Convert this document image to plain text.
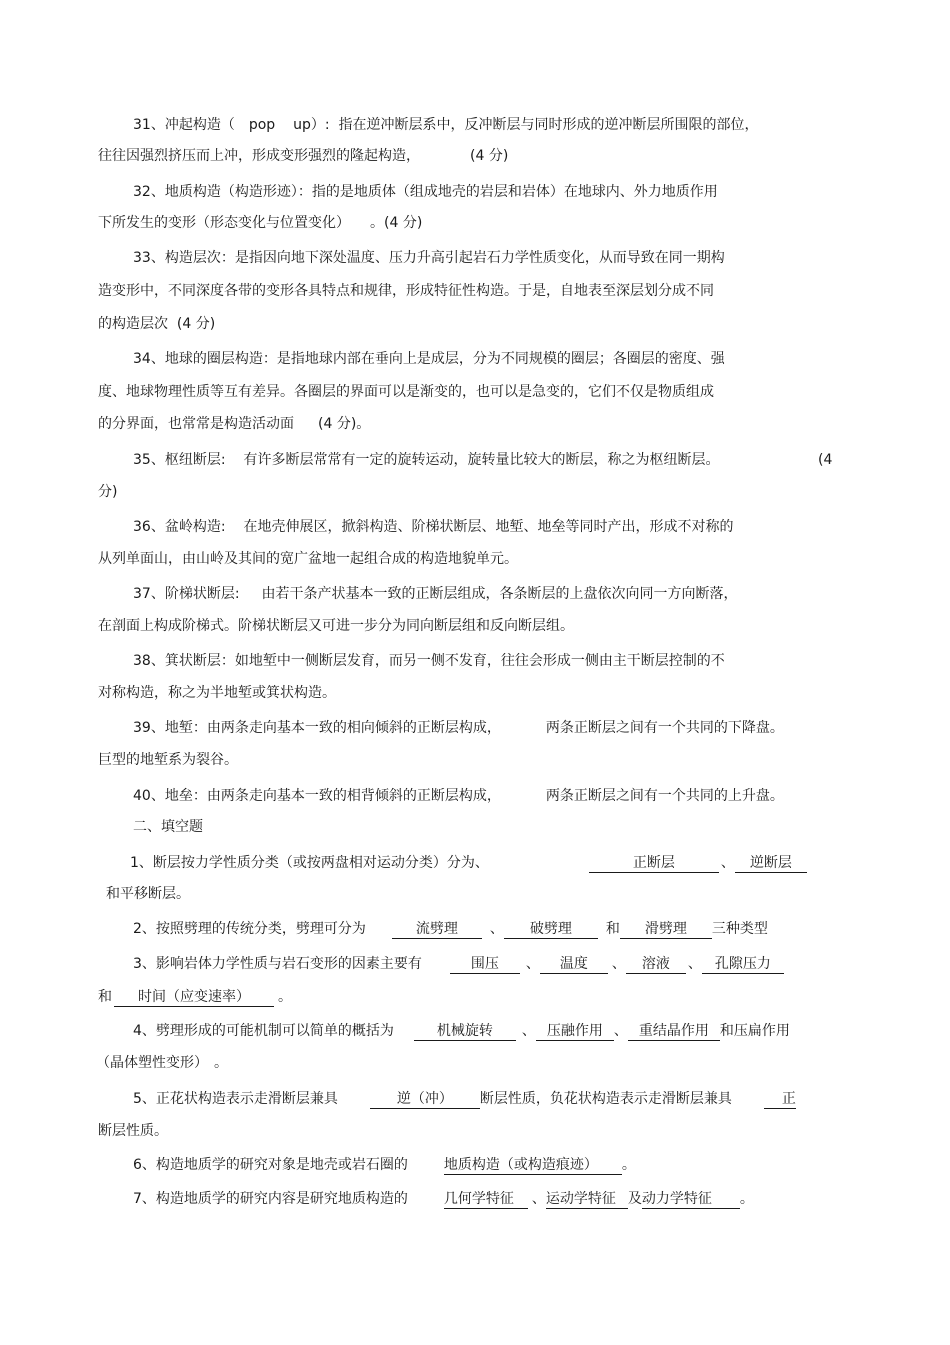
31、冲起构造（ pop up）:  指在逆冲断层系中，反冲断层与同时形成的逆冲断层所围限的部位，
往往因强烈挤压而上冲，形成变形强烈的隆起构造，	(4 分)
32、地质构造（构造形迹）：指的是地质体（组成地壳的岩层和岩体）在地球内、外力地质作用
下所发生的变形（形态变化与位置变化） 。(4 分)
33、构造层次：是指因向地下深处温度、压力升高引起岩石力学性质变化，从而导致在同一期构
造变形中，不同深度各带的变形各具特点和规律，形成特征性构造。于是，自地表至深层划分成不同
的构造层次  (4 分)
34、地球的圈层构造：是指地球内部在垂向上是成层，分为不同规模的圈层；各圈层的密度、强
度、地球物理性质等互有差异。各圈层的界面可以是渐变的，也可以是急变的，它们不仅是物质组成
的分界面，也常常是构造活动面 (4 分)。
35、枢纽断层: 有许多断层常常有一定的旋转运动，旋转量比较大的断层，称之为枢纽断层。	(4
分)
36、盆岭构造: 在地壳伸展区，掀斜构造、阶梯状断层、地堑、地垒等同时产出，形成不对称的
从列单面山，由山岭及其间的宽广盆地一起组合成的构造地貌单元。
37、阶梯状断层: 由若干条产状基本一致的正断层组成，各条断层的上盘依次向同一方向断落，
在剖面上构成阶梯式。阶梯状断层又可进一步分为同向断层组和反向断层组。
38、箕状断层：如地堑中一侧断层发育，而另一侧不发育，往往会形成一侧由主干断层控制的不
对称构造，称之为半地堑或箕状构造。
39、地堑：由两条走向基本一致的相向倾斜的正断层构成，	两条正断层之间有一个共同的下降盘。
巨型的地堑系为裂谷。
40、地垒：由两条走向基本一致的相背倾斜的正断层构成，	两条正断层之间有一个共同的上升盘。
二、填空题
1、断层按力学性质分类（或按两盘相对运动分类）分为、	正断层	、 逆断层
和平移断层。
2、按照劈理的传统分类，劈理可分为	流劈理 、 破劈理 和 滑劈理 三种类型
3、影响岩体力学性质与岩石变形的因素主要有	围压 、 温度 、 溶液 、 孔隙压力
和 时间（应变速率） 。
4、劈理形成的可能机制可以简单的概括为	机械旋转 、 压融作用 、 重结晶作用 和压扁作用
（晶体塑性变形） 。
5、正花状构造表示走滑断层兼具	逆（冲） 断层性质，负花状构造表示走滑断层兼具	正
断层性质。
6、构造地质学的研究对象是地壳或岩石圈的	地质构造（或构造痕迹） 。
7、构造地质学的研究内容是研究地质构造的	几何学特征 、运动学特征 及动力学特征 。
